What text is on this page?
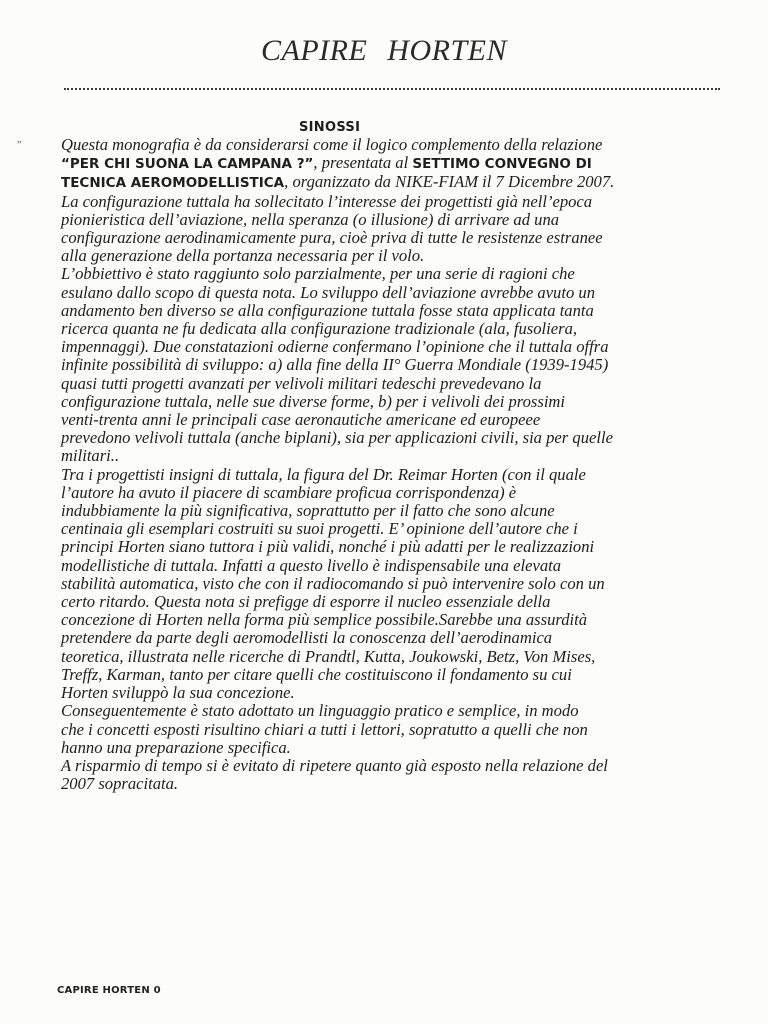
CAPIRE HORTEN
SINOSSI
” Questa monografia è da considerarsi come il logico complemento della relazione
“PER CHI SUONA LA CAMPANA ?”, presentata al SETTIMO CONVEGNO DI
TECNICA AEROMODELLISTICA, organizzato da NIKE-FIAM il 7 Dicembre 2007.
La configurazione tuttala ha sollecitato l’interesse dei progettisti già nell’epoca
pionieristica dell’aviazione, nella speranza (o illusione) di arrivare ad una
configurazione aerodinamicamente pura, cioè priva di tutte le resistenze estranee
alla generazione della portanza necessaria per il volo.
L’obbiettivo è stato raggiunto solo parzialmente, per una serie di ragioni che
esulano dallo scopo di questa nota. Lo sviluppo dell’aviazione avrebbe avuto un
andamento ben diverso se alla configurazione tuttala fosse stata applicata tanta
ricerca quanta ne fu dedicata alla configurazione tradizionale (ala, fusoliera,
impennaggi). Due constatazioni odierne confermano l’opinione che il tuttala offra
infinite possibilità di sviluppo: a) alla fine della II° Guerra Mondiale (1939-1945)
quasi tutti progetti avanzati per velivoli militari tedeschi prevedevano la
configurazione tuttala, nelle sue diverse forme, b) per i velivoli dei prossimi
venti-trenta anni le principali case aeronautiche americane ed europeee
prevedono velivoli tuttala (anche biplani), sia per applicazioni civili, sia per quelle
militari..
Tra i progettisti insigni di tuttala, la figura del Dr. Reimar Horten (con il quale
l’autore ha avuto il piacere di scambiare proficua corrispondenza) è
indubbiamente la più significativa, soprattutto per il fatto che sono alcune
centinaia gli esemplari costruiti su suoi progetti. E’ opinione dell’autore che i
principi Horten siano tuttora i più validi, nonché i più adatti per le realizzazioni
modellistiche di tuttala. Infatti a questo livello è indispensabile una elevata
stabilità automatica, visto che con il radiocomando si può intervenire solo con un
certo ritardo. Questa nota si prefigge di esporre il nucleo essenziale della
concezione di Horten nella forma più semplice possibile.Sarebbe una assurdità
pretendere da parte degli aeromodellisti la conoscenza dell’aerodinamica
teoretica, illustrata nelle ricerche di Prandtl, Kutta, Joukowski, Betz, Von Mises,
Treffz, Karman, tanto per citare quelli che costituiscono il fondamento su cui
Horten sviluppò la sua concezione.
Conseguentemente è stato adottato un linguaggio pratico e semplice, in modo
che i concetti esposti risultino chiari a tutti i lettori, sopratutto a quelli che non
hanno una preparazione specifica.
A risparmio di tempo si è evitato di ripetere quanto già esposto nella relazione del
2007 sopracitata.
CAPIRE HORTEN 0
